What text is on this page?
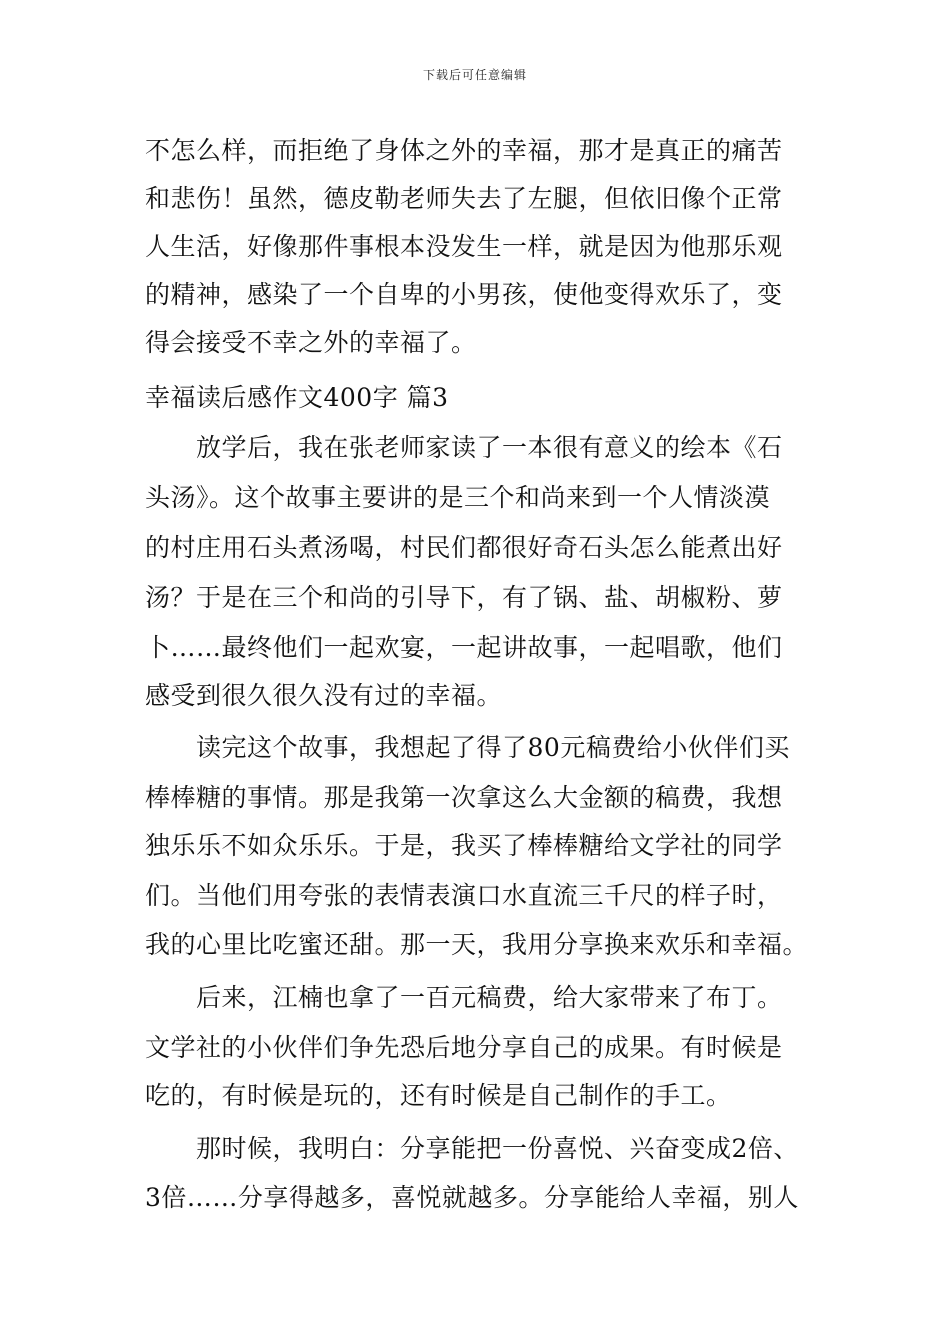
下载后可任意编辑
不怎么样，而拒绝了身体之外的幸福，那才是真正的痛苦
和悲伤！虽然，德皮勒老师失去了左腿，但依旧像个正常
人生活，好像那件事根本没发生一样，就是因为他那乐观
的精神，感染了一个自卑的小男孩，使他变得欢乐了，变
得会接受不幸之外的幸福了。
幸福读后感作文400字 篇3
　　放学后，我在张老师家读了一本很有意义的绘本《石
头汤》。这个故事主要讲的是三个和尚来到一个人情淡漠
的村庄用石头煮汤喝，村民们都很好奇石头怎么能煮出好
汤？于是在三个和尚的引导下，有了锅、盐、胡椒粉、萝
卜……最终他们一起欢宴，一起讲故事，一起唱歌，他们
感受到很久很久没有过的幸福。
　　读完这个故事，我想起了得了80元稿费给小伙伴们买
棒棒糖的事情。那是我第一次拿这么大金额的稿费，我想
独乐乐不如众乐乐。于是，我买了棒棒糖给文学社的同学
们。当他们用夸张的表情表演口水直流三千尺的样子时，
我的心里比吃蜜还甜。那一天，我用分享换来欢乐和幸福。
　　后来，江楠也拿了一百元稿费，给大家带来了布丁。
文学社的小伙伴们争先恐后地分享自己的成果。有时候是
吃的，有时候是玩的，还有时候是自己制作的手工。
　　那时候，我明白：分享能把一份喜悦、兴奋变成2倍、
3倍……分享得越多，喜悦就越多。分享能给人幸福，别人
